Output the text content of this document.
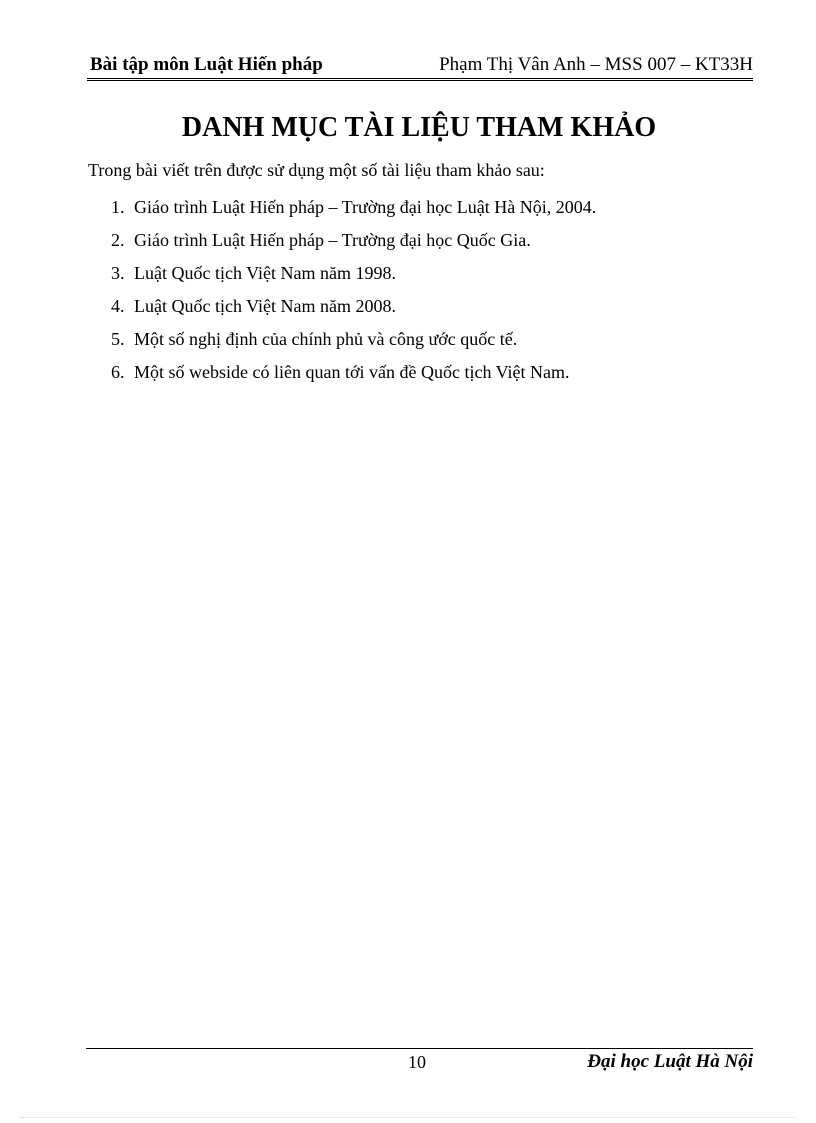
Bài tập môn Luật Hiến pháp	Phạm Thị Vân Anh – MSS 007 – KT33H
DANH MỤC TÀI LIỆU THAM KHẢO
Trong bài viết trên được sử dụng một số tài liệu tham khảo sau:
1. Giáo trình Luật Hiến pháp – Trường đại học Luật Hà Nội, 2004.
2. Giáo trình Luật Hiến pháp – Trường đại học Quốc Gia.
3. Luật Quốc tịch Việt Nam năm 1998.
4. Luật Quốc tịch Việt Nam năm 2008.
5. Một số nghị định của chính phủ và công ước quốc tế.
6. Một số webside có liên quan tới vấn đề Quốc tịch Việt Nam.
10	Đại học Luật Hà Nội
